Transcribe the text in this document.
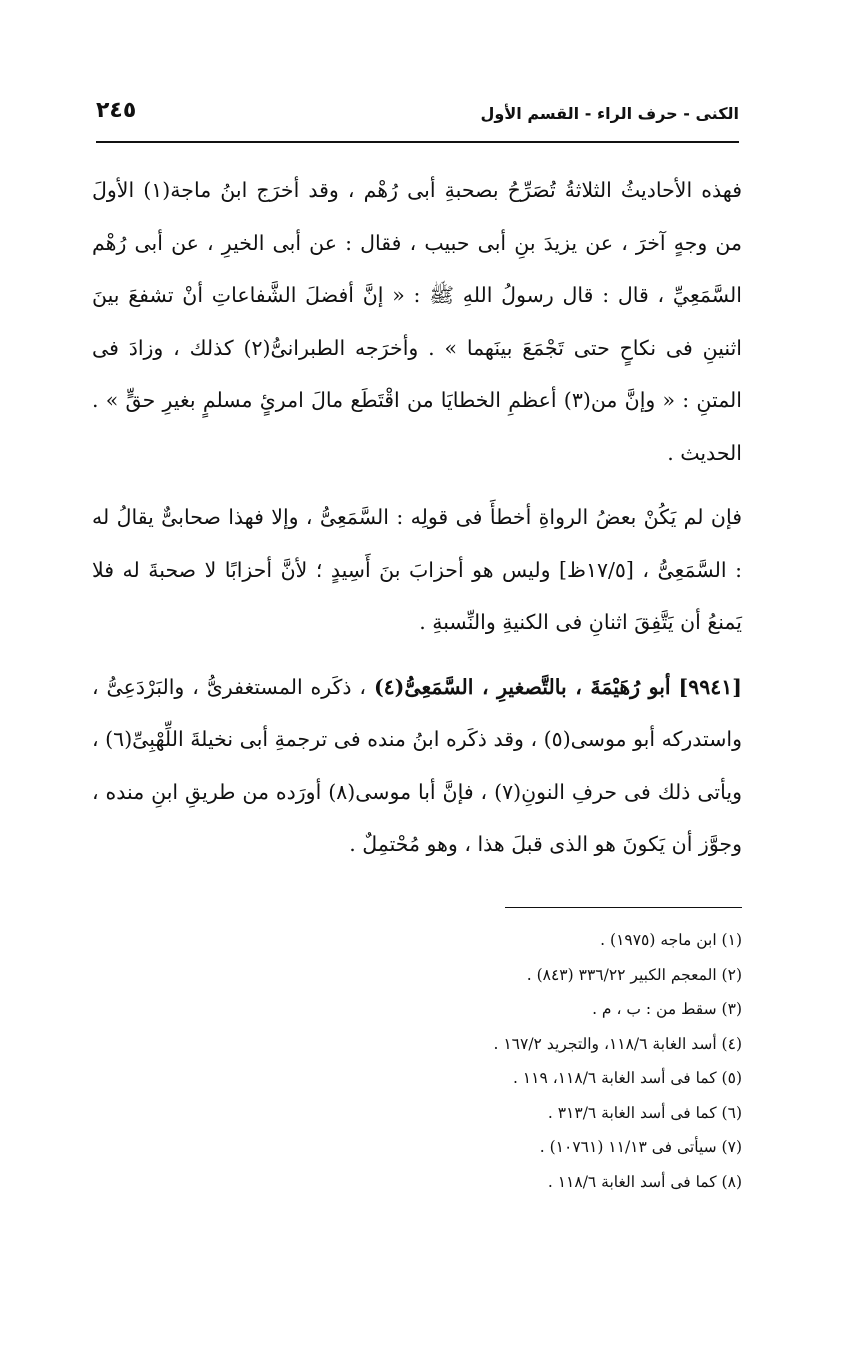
الكنى - حرف الراء - القسم الأول
٢٤٥

فهذه الأحاديثُ الثلاثةُ تُصَرِّحُ بصحبةِ أبى رُهْم ، وقد أخرَج ابنُ ماجة(١) الأولَ من وجهٍ آخرَ ، عن يزيدَ بنِ أبى حبيب ، فقال : عن أبى الخيرِ ، عن أبى رُهْم السَّمَعِيِّ ، قال : قال رسولُ اللهِ ﷺ : « إنَّ أفضلَ الشَّفاعاتِ أنْ تشفعَ بينَ اثنينِ فى نكاحٍ حتى تَجْمَعَ بينَهما » . وأخرَجه الطبرانىُّ(٢) كذلك ، وزادَ فى المتنِ : « وإنَّ من(٣) أعظمِ الخطايَا من اقْتَطَع مالَ امرئٍ مسلمٍ بغيرِ حقٍّ » . الحديث .

فإن لم يَكُنْ بعضُ الرواةِ أخطأَ فى قولِه : السَّمَعِىُّ ، وإلا فهذا صحابىٌّ يقالُ له : السَّمَعِىُّ ، [١٧/٥ظ] وليس هو أحزابَ بنَ أَسِيدٍ ؛ لأنَّ أحزابًا لا صحبةَ له فلا يَمنعُ أن يَتَّفِقَ اثنانِ فى الكنيةِ والنِّسبةِ .

[٩٩٤١] أبو رُهَيْمَةَ ، بالتَّصغيرِ ، السَّمَعِىُّ(٤) ، ذكَره المستغفرىُّ ، والبَرْدَعِىُّ ، واستدركه أبو موسى(٥) ، وقد ذكَره ابنُ منده فى ترجمةِ أبى نخيلةَ اللِّهْبِىِّ(٦) ، ويأتى ذلك فى حرفِ النونِ(٧) ، فإنَّ أبا موسى(٨) أورَده من طريقِ ابنِ منده ، وجوَّز أن يَكونَ هو الذى قبلَ هذا ، وهو مُحْتمِلٌ .

(١) ابن ماجه (١٩٧٥) .
(٢) المعجم الكبير ٣٣٦/٢٢ (٨٤٣) .
(٣) سقط من : ب ، م .
(٤) أسد الغابة ١١٨/٦، والتجريد ١٦٧/٢ .
(٥) كما فى أسد الغابة ١١٨/٦، ١١٩ .
(٦) كما فى أسد الغابة ٣١٣/٦ .
(٧) سيأتى فى ١١/١٣ (١٠٧٦١) .
(٨) كما فى أسد الغابة ١١٨/٦ .
